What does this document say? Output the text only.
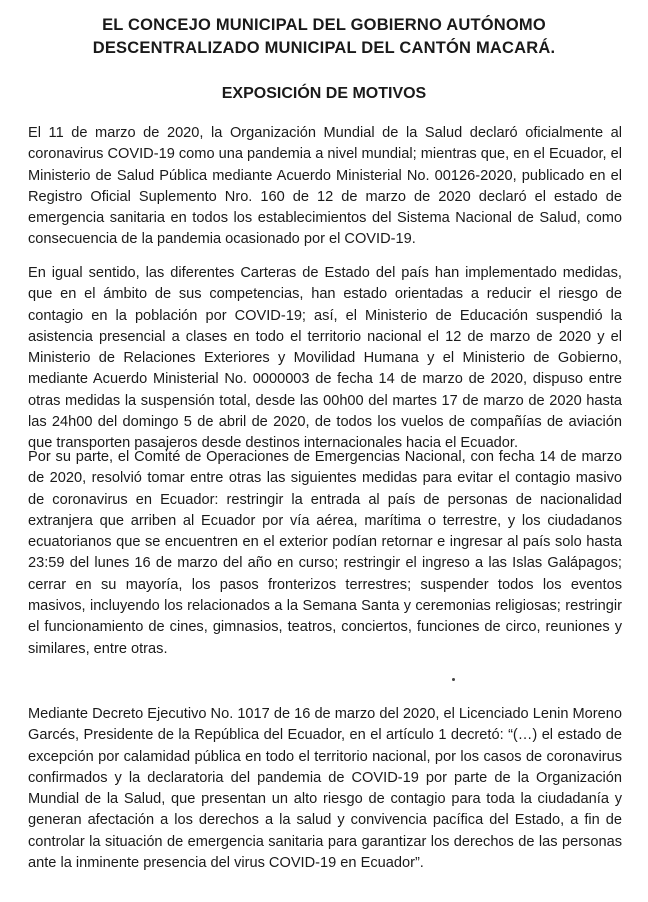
EL CONCEJO MUNICIPAL DEL GOBIERNO AUTÓNOMO
DESCENTRALIZADO MUNICIPAL DEL CANTÓN MACARÁ.
EXPOSICIÓN DE MOTIVOS

El 11 de marzo de 2020, la Organización Mundial de la Salud declaró oficialmente al coronavirus COVID-19 como una pandemia a nivel mundial; mientras que, en el Ecuador, el Ministerio de Salud Pública mediante Acuerdo Ministerial No. 00126-2020, publicado en el Registro Oficial Suplemento Nro. 160 de 12 de marzo de 2020 declaró el estado de emergencia sanitaria en todos los establecimientos del Sistema Nacional de Salud, como consecuencia de la pandemia ocasionado por el COVID-19.

En igual sentido, las diferentes Carteras de Estado del país han implementado medidas, que en el ámbito de sus competencias, han estado orientadas a reducir el riesgo de contagio en la población por COVID-19; así, el Ministerio de Educación suspendió la asistencia presencial a clases en todo el territorio nacional el 12 de marzo de 2020 y el Ministerio de Relaciones Exteriores y Movilidad Humana y el Ministerio de Gobierno, mediante Acuerdo Ministerial No. 0000003 de fecha 14 de marzo de 2020, dispuso entre otras medidas la suspensión total, desde las 00h00 del martes 17 de marzo de 2020 hasta las 24h00 del domingo 5 de abril de 2020, de todos los vuelos de compañías de aviación que transporten pasajeros desde destinos internacionales hacia el Ecuador.

Por su parte, el Comité de Operaciones de Emergencias Nacional, con fecha 14 de marzo de 2020, resolvió tomar entre otras las siguientes medidas para evitar el contagio masivo de coronavirus en Ecuador: restringir la entrada al país de personas de nacionalidad extranjera que arriben al Ecuador por vía aérea, marítima o terrestre, y los ciudadanos ecuatorianos que se encuentren en el exterior podían retornar e ingresar al país solo hasta 23:59 del lunes 16 de marzo del año en curso; restringir el ingreso a las Islas Galápagos; cerrar en su mayoría, los pasos fronterizos terrestres; suspender todos los eventos masivos, incluyendo los relacionados a la Semana Santa y ceremonias religiosas; restringir el funcionamiento de cines, gimnasios, teatros, conciertos, funciones de circo, reuniones y similares, entre otras.

Mediante Decreto Ejecutivo No. 1017 de 16 de marzo del 2020, el Licenciado Lenin Moreno Garcés, Presidente de la República del Ecuador, en el artículo 1 decretó: “(…) el estado de excepción por calamidad pública en todo el territorio nacional, por los casos de coronavirus confirmados y la declaratoria del pandemia de COVID-19 por parte de la Organización Mundial de la Salud, que presentan un alto riesgo de contagio para toda la ciudadanía y generan afectación a los derechos a la salud y convivencia pacífica del Estado, a fin de controlar la situación de emergencia sanitaria para garantizar los derechos de las personas ante la inminente presencia del virus COVID-19 en Ecuador”.
